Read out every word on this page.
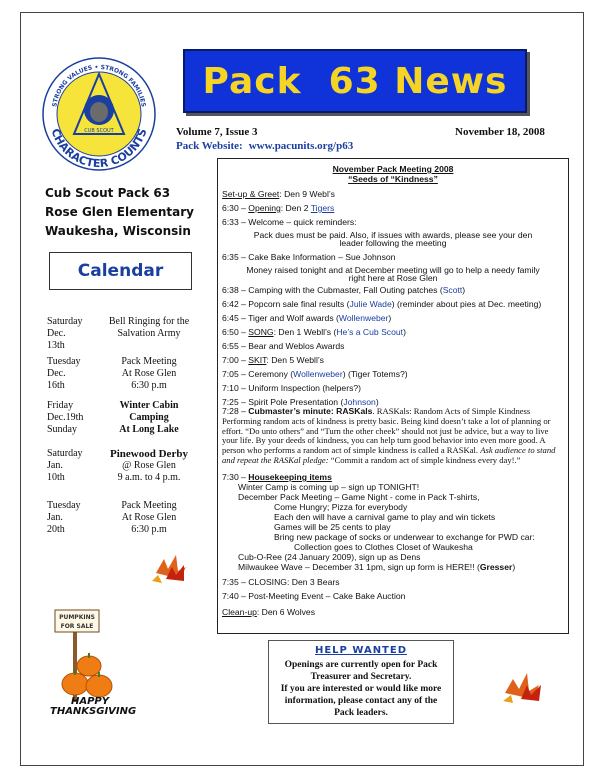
CUB SCOUT
STRONG VALUES • STRONG FAMILIES
CHARACTER COUNTS
Pack  63 News
Volume 7, Issue 3	November 18, 2008
Pack Website: www.pacunits.org/p63
Cub Scout Pack 63
Rose Glen Elementary
Waukesha, Wisconsin
Calendar
Saturday
Dec.
13th
Bell Ringing for the
Salvation Army
Tuesday
Dec.
16th
Pack Meeting
At Rose Glen
6:30 p.m
Friday
Dec.19th
Sunday
Winter Cabin
Camping
At Long Lake
Saturday
Jan.
10th
Pinewood Derby
@ Rose Glen
9 a.m. to 4 p.m.
Tuesday
Jan.
20th
Pack Meeting
At Rose Glen
6:30 p.m
November Pack Meeting 2008
“Seeds of “Kindness”
Set-up & Greet: Den 9 Webl’s
6:30 – Opening: Den 2 Tigers
6:33 – Welcome – quick reminders:
Pack dues must be paid. Also, if issues with awards, please see your den
leader following the meeting
6:35 – Cake Bake Information – Sue Johnson
Money raised tonight and at December meeting will go to help a needy family
right here at Rose Glen
6:38 – Camping with the Cubmaster, Fall Outing patches (Scott)
6:42 – Popcorn sale final results (Julie Wade) (reminder about pies at Dec. meeting)
6:45 – Tiger and Wolf awards (Wollenweber)
6:50 – SONG: Den 1 Webll’s (He’s a Cub Scout)
6:55 – Bear and Weblos Awards
7:00 – SKIT: Den 5 Webll’s
7:05 – Ceremony (Wollenweber) (Tiger Totems?)
7:10 – Uniform Inspection (helpers?)
7:25 – Spirit Pole Presentation (Johnson)
7:28 – Cubmaster’s minute: RASKals. RASKals: Random Acts of Simple Kindness Performing random acts of kindness is pretty basic. Being kind doesn’t take a lot of planning or effort. “Do unto others” and “Turn the other cheek” should not just be advice, but a way to live your life. By your deeds of kindness, you can help turn good behavior into even more good. A person who performs a random act of simple kindness is called a RASKal. Ask audience to stand and repeat the RASKal pledge: “Commit a random act of simple kindness every day!.”
7:30 – Housekeeping items
Winter Camp is coming up – sign up TONIGHT!
December Pack Meeting – Game Night - come in Pack T-shirts,
Come Hungry; Pizza for everybody
Each den will have a carnival game to play and win tickets
Games will be 25 cents to play
Bring new package of socks or underwear to exchange for PWD car:
Collection goes to Clothes Closet of Waukesha
Cub-O-Ree (24 January 2009), sign up as Dens
Milwaukee Wave – December 31 1pm, sign up form is HERE!! (Gresser)
7:35 – CLOSING: Den 3 Bears
7:40 – Post-Meeting Event – Cake Bake Auction
Clean-up: Den 6 Wolves
HELP WANTED
Openings are currently open for Pack
Treasurer and Secretary.
If you are interested or would like more
information, please contact any of the
Pack leaders.
PUMPKINS
FOR SALE
HAPPY
THANKSGIVING
